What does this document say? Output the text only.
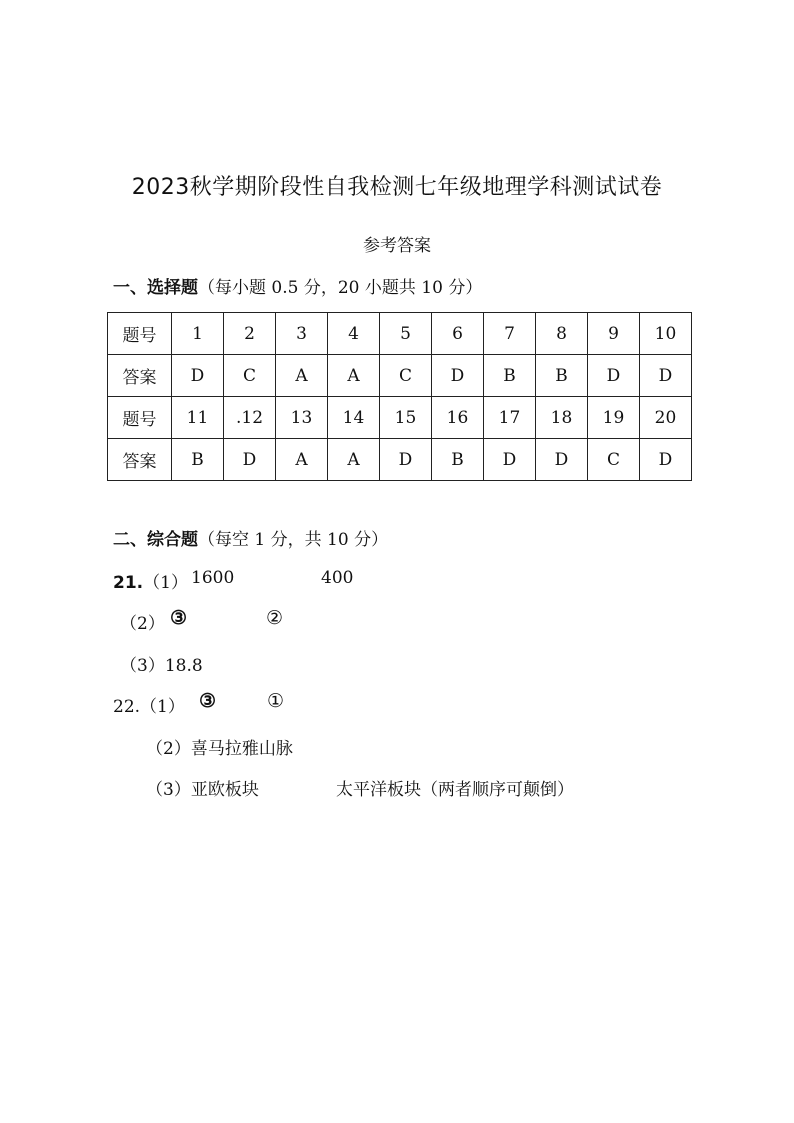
2023秋学期阶段性自我检测七年级地理学科测试试卷
参考答案
一、选择题（每小题 0.5 分，20 小题共 10 分）
题号	1	2	3	4	5	6	7	8	9	10
答案	D	C	A	A	C	D	B	B	D	D
题号	11	.12	13	14	15	16	17	18	19	20
答案	B	D	A	A	D	B	D	D	C	D
二、综合题（每空 1 分，共 10 分）
21.（1） 1600	400
（2） ③	②
（3）18.8
22.（1） ③	①
（2）喜马拉雅山脉
（3）亚欧板块	太平洋板块（两者顺序可颠倒）
